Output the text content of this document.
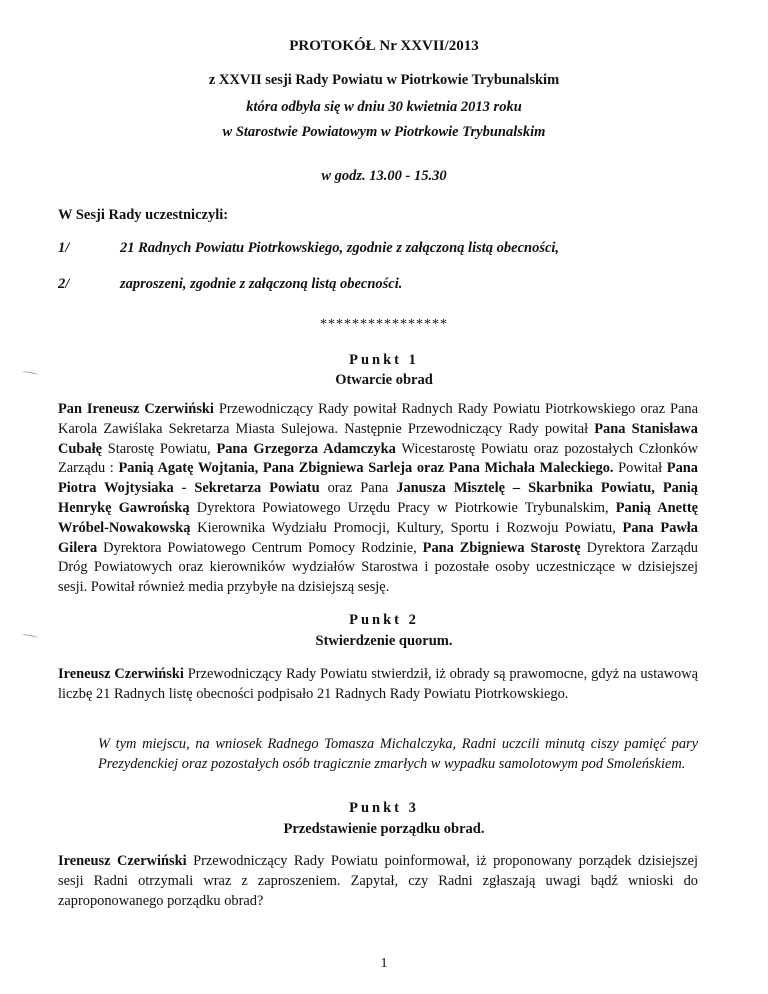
PROTOKÓŁ Nr XXVII/2013
z XXVII sesji Rady Powiatu w Piotrkowie Trybunalskim
która odbyła się w dniu 30 kwietnia 2013 roku
w Starostwie Powiatowym w Piotrkowie Trybunalskim
w godz. 13.00 - 15.30
W Sesji Rady uczestniczyli:
1/	21 Radnych Powiatu Piotrkowskiego, zgodnie z załączoną listą obecności,
2/	zaproszeni, zgodnie z załączoną listą obecności.
****************
Punkt 1
Otwarcie obrad
Pan Ireneusz Czerwiński Przewodniczący Rady powitał Radnych Rady Powiatu Piotrkowskiego oraz Pana Karola Zawiślaka Sekretarza Miasta Sulejowa. Następnie Przewodniczący Rady powitał Pana Stanisława Cubałę Starostę Powiatu, Pana Grzegorza Adamczyka Wicestarostę Powiatu oraz pozostałych Członków Zarządu : Panią Agatę Wojtania, Pana Zbigniewa Sarleja oraz Pana Michała Maleckiego. Powitał Pana Piotra Wojtysiaka - Sekretarza Powiatu oraz Pana Janusza Misztelę – Skarbnika Powiatu, Panią Henrykę Gawrońską Dyrektora Powiatowego Urzędu Pracy w Piotrkowie Trybunalskim, Panią Anettę Wróbel-Nowakowską Kierownika Wydziału Promocji, Kultury, Sportu i Rozwoju Powiatu, Pana Pawła Gilera Dyrektora Powiatowego Centrum Pomocy Rodzinie, Pana Zbigniewa Starostę Dyrektora Zarządu Dróg Powiatowych oraz kierowników wydziałów Starostwa i pozostałe osoby uczestniczące w dzisiejszej sesji. Powitał również media przybyłe na dzisiejszą sesję.
Punkt 2
Stwierdzenie quorum.
Ireneusz Czerwiński Przewodniczący Rady Powiatu stwierdził, iż obrady są prawomocne, gdyż na ustawową liczbę 21 Radnych listę obecności podpisało 21 Radnych Rady Powiatu Piotrkowskiego.
W tym miejscu, na wniosek Radnego Tomasza Michalczyka, Radni uczcili minutą ciszy pamięć pary Prezydenckiej oraz pozostałych osób tragicznie zmarłych w wypadku samolotowym pod Smoleńskiem.
Punkt 3
Przedstawienie porządku obrad.
Ireneusz Czerwiński Przewodniczący Rady Powiatu poinformował, iż proponowany porządek dzisiejszej sesji Radni otrzymali wraz z zaproszeniem. Zapytał, czy Radni zgłaszają uwagi bądź wnioski do zaproponowanego porządku obrad?
1
